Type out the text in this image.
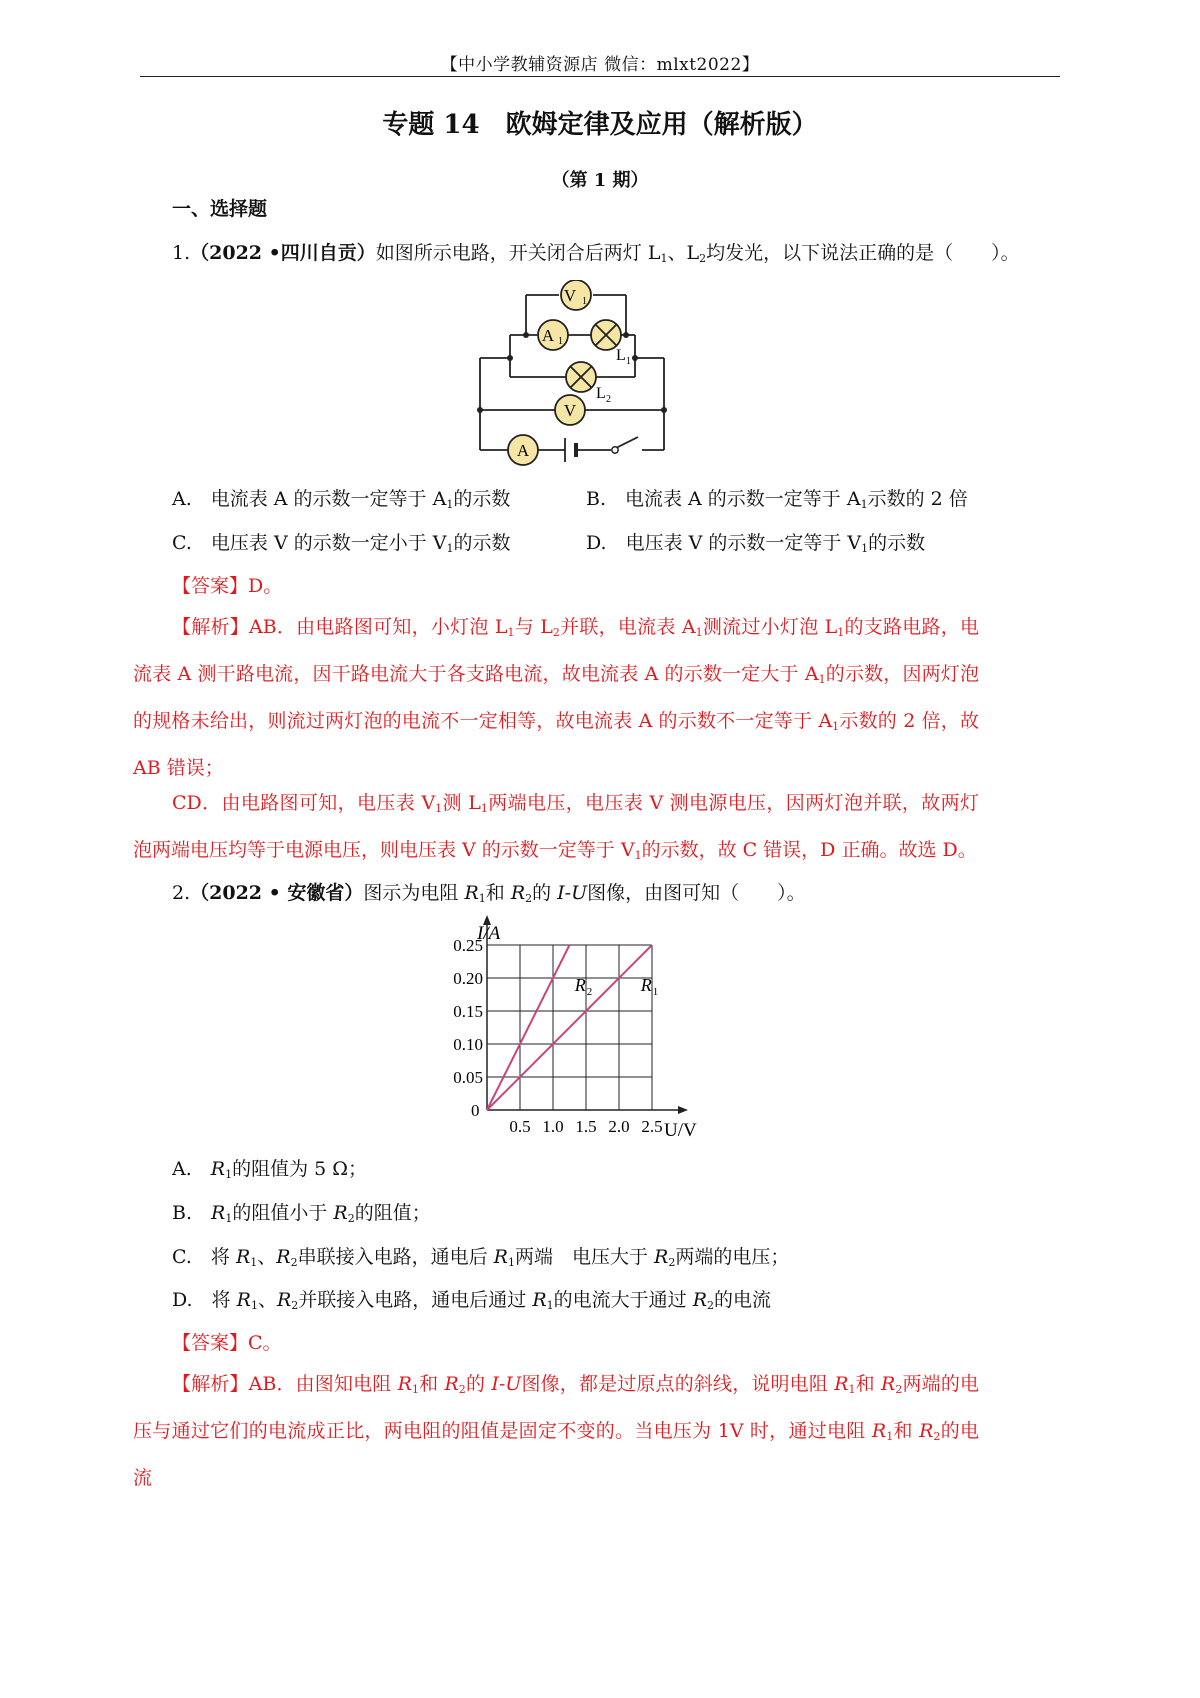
【中小学教辅资源店 微信：mlxt2022】
专题 14　欧姆定律及应用（解析版）
（第 1 期）
一、选择题
1.（2022 •四川自贡）如图所示电路，开关闭合后两灯 $L_1$、$L_2$均发光，以下说法正确的是（　　）。
V 1
A 1
L 1
L 2
V
A
A.　电流表 A 的示数一定等于 $A_1$的示数	B.　电流表 A 的示数一定等于 $A_1$示数的 2 倍
C.　电压表 V 的示数一定小于 $V_1$的示数	D.　电压表 V 的示数一定等于 $V_1$的示数
【答案】D。
【解析】AB．由电路图可知，小灯泡 $L_1$与 $L_2$并联，电流表 $A_1$测流过小灯泡 $L_1$的支路电路，电流表 A 测干路电流，因干路电流大于各支路电流，故电流表 A 的示数一定大于 $A_1$的示数，因两灯泡的规格未给出，则流过两灯泡的电流不一定相等，故电流表 A 的示数不一定等于 $A_1$示数的 2 倍，故 AB 错误；
CD．由电路图可知，电压表 $V_1$测 $L_1$两端电压，电压表 V 测电源电压，因两灯泡并联，故两灯泡两端电压均等于电源电压，则电压表 V 的示数一定等于 $V_1$的示数，故 C 错误，D 正确。故选 D。
2.（2022 • 安徽省）图示为电阻 $R_1$和 $R_2$的 I-U图像，由图可知（　　）。
0.5 1.0 1.5 2.0 2.5
0.05
0.10
0.15
0.20
0.25
R 2	R 1
I/A
U/V
0
A.　$R_1$的阻值为 5 Ω；
B.　$R_1$的阻值小于 $R_2$的阻值；
C.　将 $R_1$、$R_2$串联接入电路，通电后 $R_1$两端　电压大于 $R_2$两端的电压；
D.　将 $R_1$、$R_2$并联接入电路，通电后通过 $R_1$的电流大于通过 $R_2$的电流
【答案】C。
【解析】AB．由图知电阻 $R_1$和 $R_2$的 I-U图像，都是过原点的斜线，说明电阻 $R_1$和 $R_2$两端的电压与通过它们的电流成正比，两电阻的阻值是固定不变的。当电压为 1V 时，通过电阻 $R_1$和 $R_2$的电流
